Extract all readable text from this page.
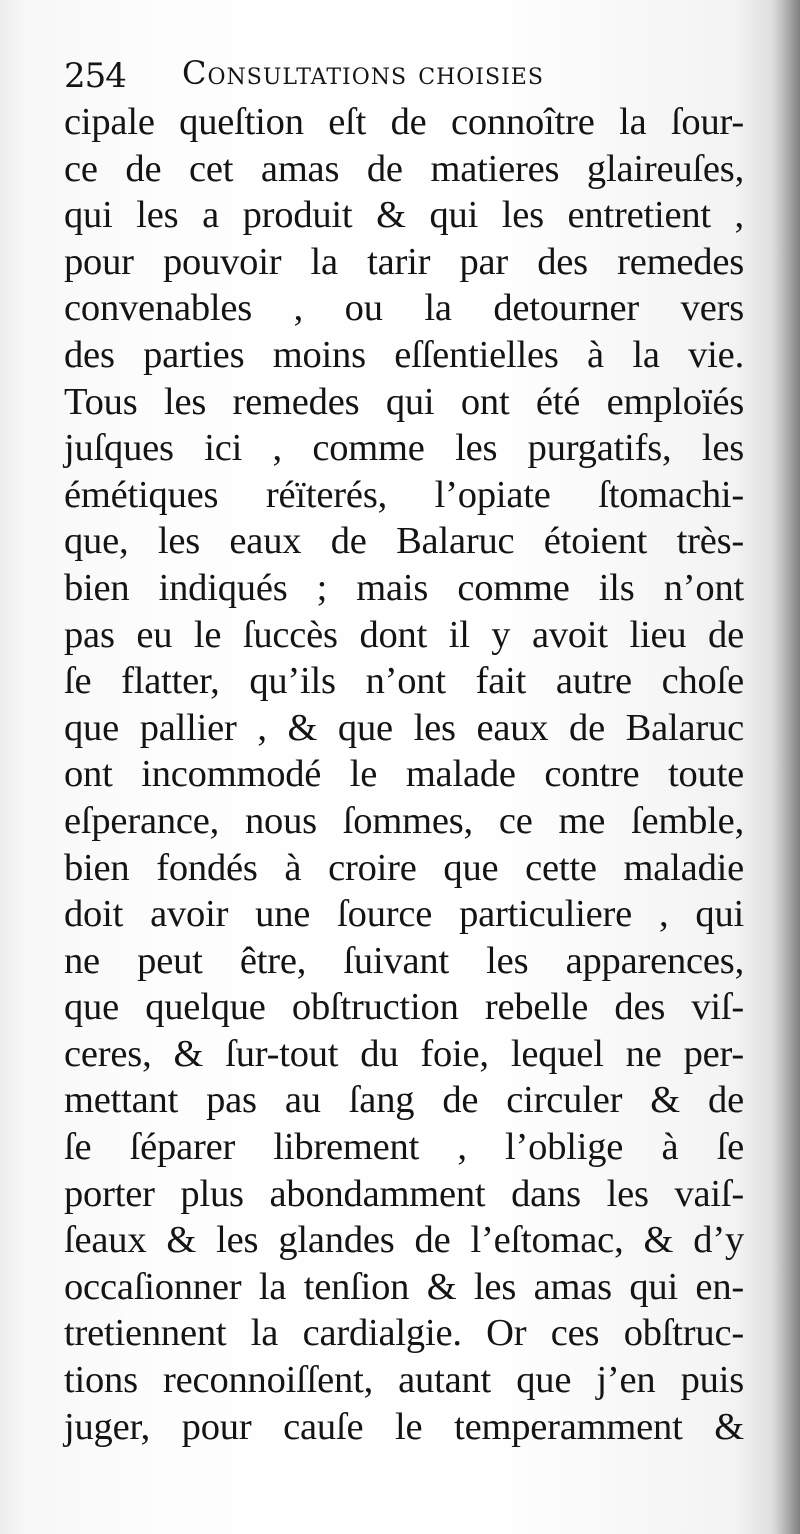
254 Consultations choisies
cipale queſtion eſt de connoître la ſour-
ce de cet amas de matieres glaireuſes,
qui les a produit & qui les entretient ,
pour pouvoir la tarir par des remedes
convenables , ou la detourner vers
des parties moins eſſentielles à la vie.
Tous les remedes qui ont été emploïés
juſques ici , comme les purgatifs, les
émétiques réïterés, l’opiate ſtomachi-
que, les eaux de Balaruc étoient très-
bien indiqués ; mais comme ils n’ont
pas eu le ſuccès dont il y avoit lieu de
ſe flatter, qu’ils n’ont fait autre choſe
que pallier , & que les eaux de Balaruc
ont incommodé le malade contre toute
eſperance, nous ſommes, ce me ſemble,
bien fondés à croire que cette maladie
doit avoir une ſource particuliere , qui
ne peut être, ſuivant les apparences,
que quelque obſtruction rebelle des viſ-
ceres, & ſur-tout du foie, lequel ne per-
mettant pas au ſang de circuler & de
ſe ſéparer librement , l’oblige à ſe
porter plus abondamment dans les vaiſ-
ſeaux & les glandes de l’eſtomac, & d’y
occaſionner la tenſion & les amas qui en-
tretiennent la cardialgie. Or ces obſtruc-
tions reconnoiſſent, autant que j’en puis
juger, pour cauſe le temperamment &
